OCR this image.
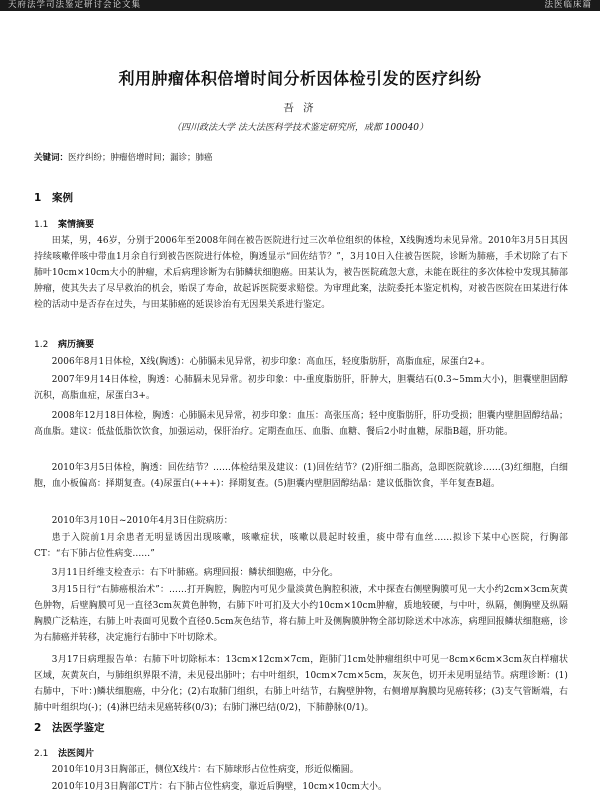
天府法学司法鉴定研讨会论文集	法医临床篇
利用肿瘤体积倍增时间分析因体检引发的医疗纠纷
吾 济
（四川政法大学 法大法医科学技术鉴定研究所，成都 100040）
关键词：医疗纠纷；肿瘤倍增时间；漏诊；肺癌
1 案例
1.1 案情摘要
田某，男，46岁，分别于2006年至2008年间在被告医院进行过三次单位组织的体检，X线胸透均未见异常。2010年3月5日其因持续咳嗽伴咳中带血1月余自行到被告医院进行体检，胸透显示“回佐结节？”，3月10日入住被告医院，诊断为肺癌，手术切除了右下肺叶10cm×10cm大小的肿瘤，术后病理诊断为右肺鳞状细胞癌。田某认为，被告医院疏忽大意，未能在既往的多次体检中发现其肺部肿瘤，使其失去了尽早救治的机会，贻误了寿命，故起诉医院要求赔偿。为审理此案，法院委托本鉴定机构，对被告医院在田某进行体检的活动中是否存在过失，与田某肺癌的延误诊治有无因果关系进行鉴定。
1.2 病历摘要
2006年8月1日体检，X线(胸透)：心肺膈未见异常，初步印象：高血压，轻度脂肪肝，高脂血症，尿蛋白2+。
2007年9月14日体检，胸透：心肺膈未见异常。初步印象：中-重度脂肪肝，肝肿大，胆囊结石(0.3~5mm大小)，胆囊壁胆固醇沉积，高脂血症，尿蛋白3+。
2008年12月18日体检，胸透：心肺膈未见异常，初步印象：血压：高张压高；轻中度脂肪肝，肝功受损；胆囊内壁胆固醇结晶；高血脂。建议：低盐低脂饮饮食，加强运动，保肝治疗。定期查血压、血脂、血糖、餐后2小时血糖，尿脂B超，肝功能。
2010年3月5日体检，胸透：回佐结节？……体检结果及建议：(1)回佐结节？(2)肝细二脂高，急即医院就诊……(3)红细胞，白细胞，血小板偏高：择期复查。(4)尿蛋白(+++)：择期复查。(5)胆囊内壁胆固醇结晶：建议低脂饮食，半年复查B超。
2010年3月10日~2010年4月3日住院病历：
患于入院前1月余患者无明显诱因出现咳嗽，咳嗽症状，咳嗽以晨起时较重，痰中带有血丝……拟诊下某中心医院，行胸部CT：“右下肺占位性病变……”
3月11日纤维支检查示：右下叶肺癌。病理回报：鳞状细胞癌，中分化。
3月15日行“右肺癌根治术”：……打开胸腔，胸腔内可见少量淡黄色胸腔积液，术中探查右侧壁胸膜可见一大小约2cm×3cm灰黄色肿物，后壁胸膜可见一直径3cm灰黄色肿物，右肺下叶可扪及大小约10cm×10cm肿瘤，质地较硬，与中叶，纵隔，侧胸壁及纵隔胸膜广泛粘连，右肺上叶表面可见数个直径0.5cm灰色结节，将右肺上叶及侧胸膜肿物全部切除送术中冰冻，病理回报鳞状细胞癌，诊为右肺癌并转移，决定施行右肺中下叶切除术。
3月17日病理报告单：右肺下叶切除标本：13cm×12cm×7cm，距肺门1cm处肿瘤组织中可见一8cm×6cm×3cm灰白样瘤状区域，灰黄灰白，与肺组织界限不清，未见侵出肺叶；右中叶组织，10cm×7cm×5cm，灰灰色，切开未见明显结节。病理诊断：(1)右肺中，下叶：)鳞状细胞癌，中分化；(2)右取肺门组织，右肺上叶结节，右胸壁肿物，右侧增厚胸膜均见癌转移；(3)支气管断端，右肺中叶组织均(-)；(4)淋巴结未见癌转移(0/3)；右肺门淋巴结(0/2)，下肺静脉(0/1)。
2 法医学鉴定
2.1 法医阅片
2010年10月3日胸部正，侧位X线片：右下肺球形占位性病变，形近似椭圆。
2010年10月3日胸部CT片：右下肺占位性病变，靠近后胸壁，10cm×10cm大小。
